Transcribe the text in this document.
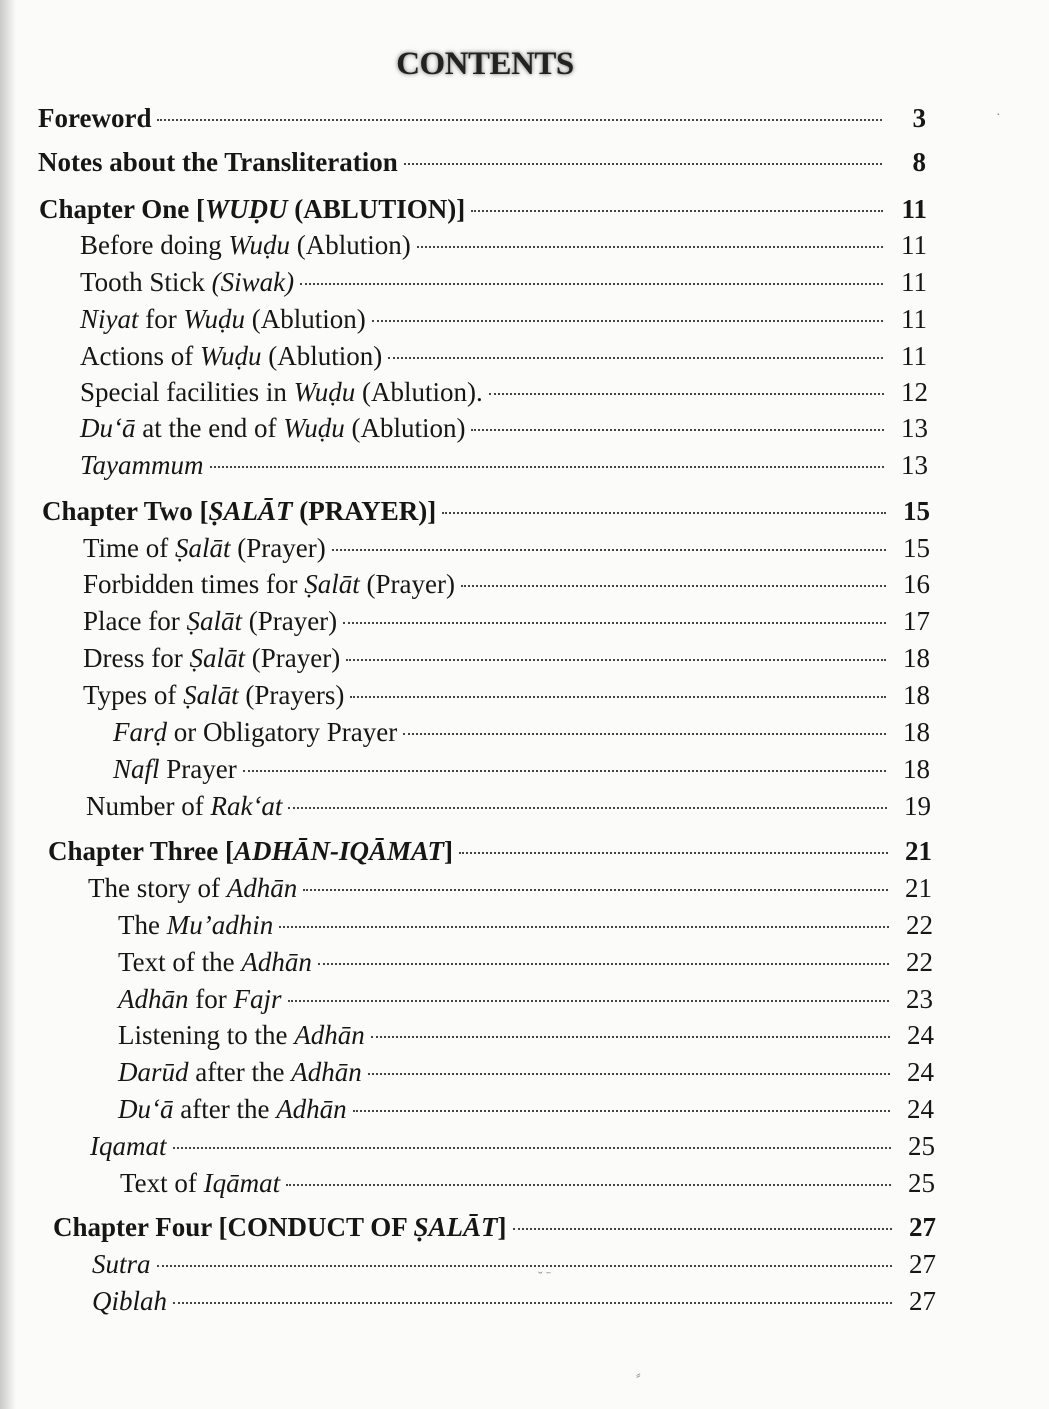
CONTENTS
Foreword	3
Notes about the Transliteration	8
Chapter One [WUḌU (ABLUTION)]	11
Before doing Wuḍu (Ablution)	11
Tooth Stick (Siwak)	11
Niyat for Wuḍu (Ablution)	11
Actions of Wuḍu (Ablution)	11
Special facilities in Wuḍu (Ablution).	12
Du‘ā at the end of Wuḍu (Ablution)	13
Tayammum	13
Chapter Two [ṢALĀT (PRAYER)]	15
Time of Ṣalāt (Prayer)	15
Forbidden times for Ṣalāt (Prayer)	16
Place for Ṣalāt (Prayer)	17
Dress for Ṣalāt (Prayer)	18
Types of Ṣalāt (Prayers)	18
Farḍ or Obligatory Prayer	18
Nafl Prayer	18
Number of Rak‘at	19
Chapter Three [ADHĀN-IQĀMAT]	21
The story of Adhān	21
The Mu’adhin	22
Text of the Adhān	22
Adhān for Fajr	23
Listening to the Adhān	24
Darūd after the Adhān	24
Du‘ā after the Adhān	24
Iqamat	25
Text of Iqāmat	25
Chapter Four [CONDUCT OF ṢALĀT]	27
Sutra	27
Qiblah	27
˘ ˉ
⸗
·
